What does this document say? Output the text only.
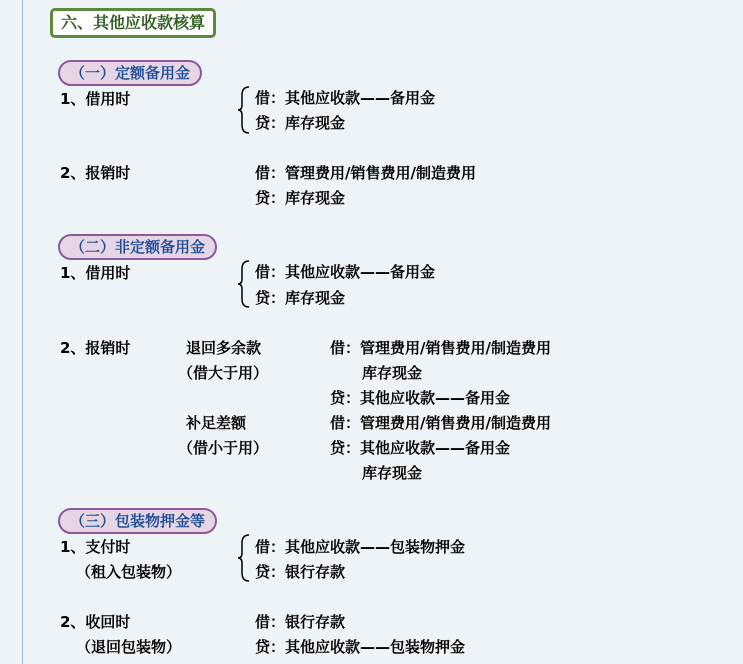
六、其他应收款核算
（一）定额备用金
1、借用时	借：其他应收款——备用金
贷：库存现金
2、报销时	借：管理费用/销售费用/制造费用
贷：库存现金
（二）非定额备用金
1、借用时	借：其他应收款——备用金
贷：库存现金
2、报销时	退回多余款
（借大于用）
借：管理费用/销售费用/制造费用
库存现金
贷：其他应收款——备用金
补足差额
（借小于用）
借：管理费用/销售费用/制造费用
贷：其他应收款——备用金
库存现金
（三）包装物押金等
1、支付时
（租入包装物）
借：其他应收款——包装物押金
贷：银行存款
2、收回时
（退回包装物）
借：银行存款
贷：其他应收款——包装物押金
